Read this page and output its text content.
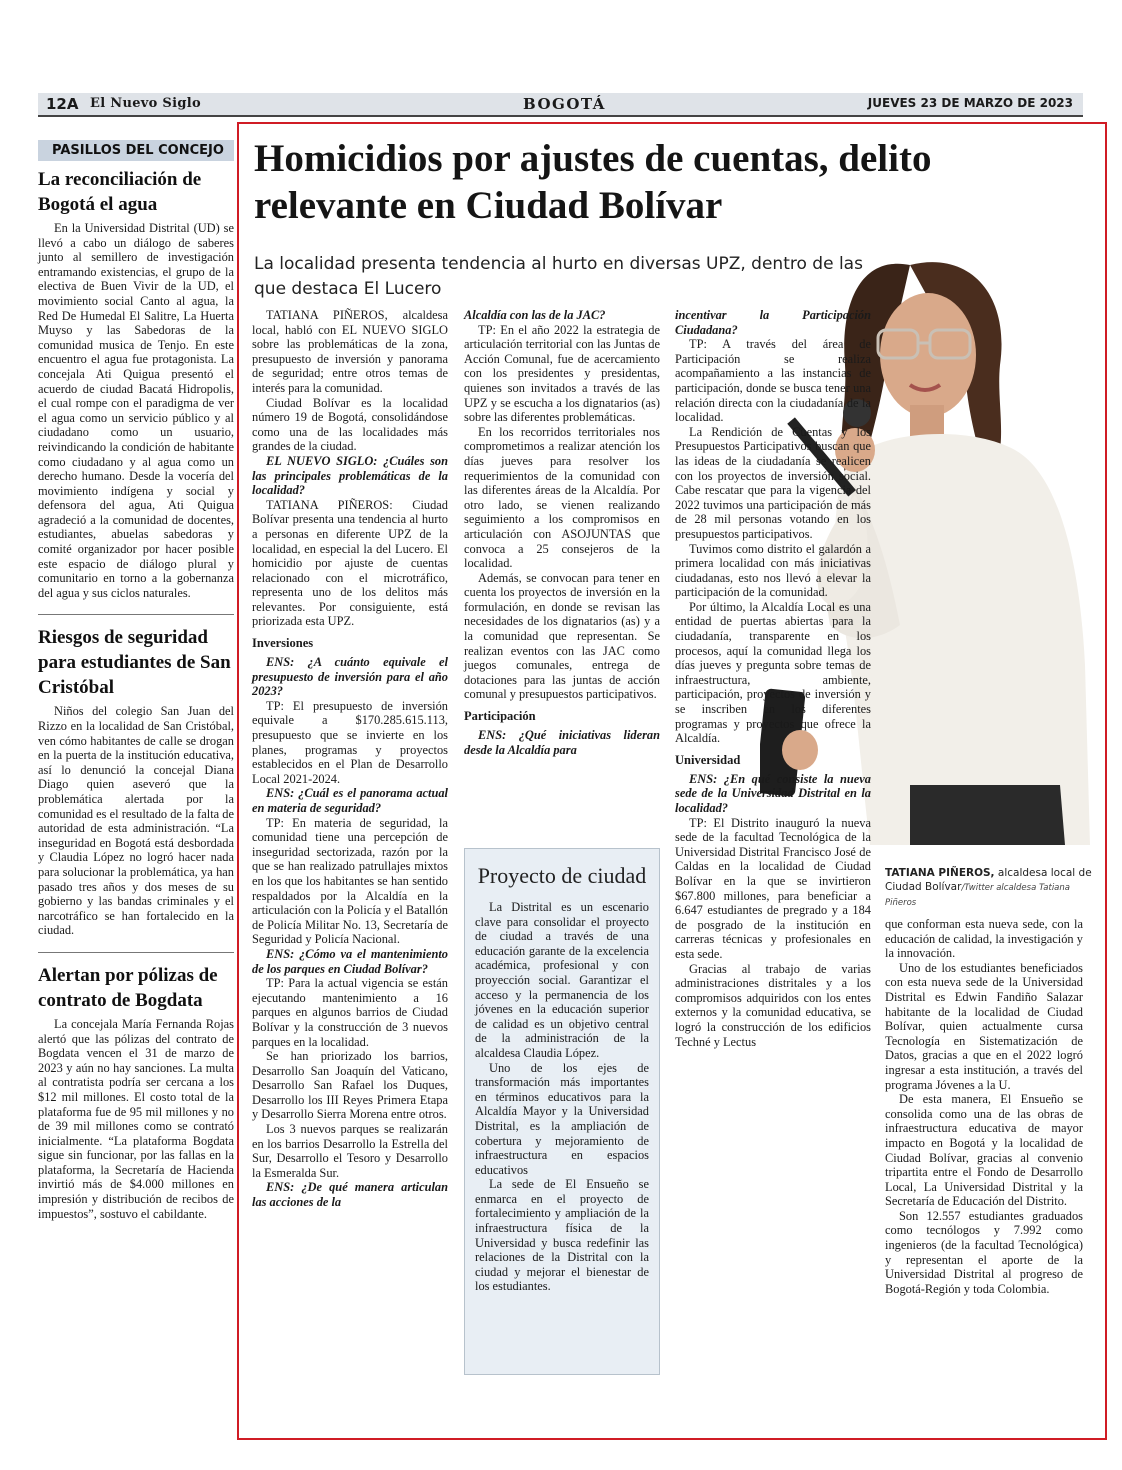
12A El Nuevo Siglo	BOGOTÁ	JUEVES 23 DE MARZO DE 2023
PASILLOS DEL CONCEJO
La reconciliación de Bogotá el agua

En la Universidad Distrital (UD) se llevó a cabo un diálogo de saberes junto al semillero de investigación entramando existencias, el grupo de la electiva de Buen Vivir de la UD, el movimiento social Canto al agua, la Red De Humedal El Salitre, La Huerta Muyso y las Sabedoras de la comunidad musica de Tenjo. En este encuentro el agua fue protagonista. La concejala Ati Quigua presentó el acuerdo de ciudad Bacatá Hidropolis, el cual rompe con el paradigma de ver el agua como un servicio público y al ciudadano como un usuario, reivindicando la condición de habitante como ciudadano y al agua como un derecho humano. Desde la vocería del movimiento indígena y social y defensora del agua, Ati Quigua agradeció a la comunidad de docentes, estudiantes, abuelas sabedoras y comité organizador por hacer posible este espacio de diálogo plural y comunitario en torno a la gobernanza del agua y sus ciclos naturales.

Riesgos de seguridad para estudiantes de San Cristóbal

Niños del colegio San Juan del Rizzo en la localidad de San Cristóbal, ven cómo habitantes de calle se drogan en la puerta de la institución educativa, así lo denunció la concejal Diana Diago quien aseveró que la problemática alertada por la comunidad es el resultado de la falta de autoridad de esta administración. “La inseguridad en Bogotá está desbordada y Claudia López no logró hacer nada para solucionar la problemática, ya han pasado tres años y dos meses de su gobierno y las bandas criminales y el narcotráfico se han fortalecido en la ciudad.

Alertan por pólizas de contrato de Bogdata

La concejala María Fernanda Rojas alertó que las pólizas del contrato de Bogdata vencen el 31 de marzo de 2023 y aún no hay sanciones. La multa al contratista podría ser cercana a los $12 mil millones. El costo total de la plataforma fue de 95 mil millones y no de 39 mil millones como se contrató inicialmente. “La plataforma Bogdata sigue sin funcionar, por las fallas en la plataforma, la Secretaría de Hacienda invirtió más de $4.000 millones en impresión y distribución de recibos de impuestos”, sostuvo el cabildante.

Homicidios por ajustes de cuentas, delito relevante en Ciudad Bolívar
La localidad presenta tendencia al hurto en diversas UPZ, dentro de las que destaca El Lucero

TATIANA PIÑEROS, alcaldesa local, habló con EL NUEVO SIGLO sobre las problemáticas de la zona, presupuesto de inversión y panorama de seguridad; entre otros temas de interés para la comunidad.

Ciudad Bolívar es la localidad número 19 de Bogotá, consolidándose como una de las localidades más grandes de la ciudad.

EL NUEVO SIGLO: ¿Cuáles son las principales problemáticas de la localidad?

TATIANA PIÑEROS: Ciudad Bolívar presenta una tendencia al hurto a personas en diferente UPZ de la localidad, en especial la del Lucero. El homicidio por ajuste de cuentas relacionado con el microtráfico, representa uno de los delitos más relevantes. Por consiguiente, está priorizada esta UPZ.

Inversiones

ENS: ¿A cuánto equivale el presupuesto de inversión para el año 2023?

TP: El presupuesto de inversión equivale a $170.285.615.113, presupuesto que se invierte en los planes, programas y proyectos establecidos en el Plan de Desarrollo Local 2021-2024.

ENS: ¿Cuál es el panorama actual en materia de seguridad?

TP: En materia de seguridad, la comunidad tiene una percepción de inseguridad sectorizada, razón por la que se han realizado patrullajes mixtos en los que los habitantes se han sentido respaldados por la Alcaldía en la articulación con la Policía y el Batallón de Policía Militar No. 13, Secretaría de Seguridad y Policía Nacional.

ENS: ¿Cómo va el mantenimiento de los parques en Ciudad Bolívar?

TP: Para la actual vigencia se están ejecutando mantenimiento a 16 parques en algunos barrios de Ciudad Bolívar y la construcción de 3 nuevos parques en la localidad.

Se han priorizado los barrios, Desarrollo San Joaquín del Vaticano, Desarrollo San Rafael los Duques, Desarrollo los III Reyes Primera Etapa y Desarrollo Sierra Morena entre otros.

Los 3 nuevos parques se realizarán en los barrios Desarrollo la Estrella del Sur, Desarrollo el Tesoro y Desarrollo la Esmeralda Sur.

ENS: ¿De qué manera articulan las acciones de la

Alcaldía con las de la JAC?

TP: En el año 2022 la estrategia de articulación territorial con las Juntas de Acción Comunal, fue de acercamiento con los presidentes y presidentas, quienes son invitados a través de las UPZ y se escucha a los dignatarios (as) sobre las diferentes problemáticas.

En los recorridos territoriales nos comprometimos a realizar atención los días jueves para resolver los requerimientos de la comunidad con las diferentes áreas de la Alcaldía. Por otro lado, se vienen realizando seguimiento a los compromisos en articulación con ASOJUNTAS que convoca a 25 consejeros de la localidad.

Además, se convocan para tener en cuenta los proyectos de inversión en la formulación, en donde se revisan las necesidades de los dignatarios (as) y a la comunidad que representan. Se realizan eventos con las JAC como juegos comunales, entrega de dotaciones para las juntas de acción comunal y presupuestos participativos.

Participación

ENS: ¿Qué iniciativas lideran desde la Alcaldía para

incentivar la Participación Ciudadana?

TP: A través del área de Participación se realiza acompañamiento a las instancias de participación, donde se busca tener una relación directa con la ciudadanía de la localidad.

La Rendición de Cuentas y los Presupuestos Participativos buscan que las ideas de la ciudadanía se realicen con los proyectos de inversión social. Cabe rescatar que para la vigencia del 2022 tuvimos una participación de más de 28 mil personas votando en los presupuestos participativos.

Tuvimos como distrito el galardón a primera localidad con más iniciativas ciudadanas, esto nos llevó a elevar la participación de la comunidad.

Por último, la Alcaldía Local es una entidad de puertas abiertas para la ciudadanía, transparente en los procesos, aquí la comunidad llega los días jueves y pregunta sobre temas de infraestructura, ambiente, participación, proyectos de inversión y se inscriben en los diferentes programas y proyectos que ofrece la Alcaldía.

Universidad

ENS: ¿En qué consiste la nueva sede de la Universidad Distrital en la localidad?

TP: El Distrito inauguró la nueva sede de la facultad Tecnológica de la Universidad Distrital Francisco José de Caldas en la localidad de Ciudad Bolívar en la que se invirtieron $67.800 millones, para beneficiar a 6.647 estudiantes de pregrado y a 184 de posgrado de la institución en carreras técnicas y profesionales en esta sede.

Gracias al trabajo de varias administraciones distritales y a los compromisos adquiridos con los entes externos y la comunidad educativa, se logró la construcción de los edificios Techné y Lectus

que conforman esta nueva sede, con la educación de calidad, la investigación y la innovación.

Uno de los estudiantes beneficiados con esta nueva sede de la Universidad Distrital es Edwin Fandiño Salazar habitante de la localidad de Ciudad Bolívar, quien actualmente cursa Tecnología en Sistematización de Datos, gracias a que en el 2022 logró ingresar a esta institución, a través del programa Jóvenes a la U.

De esta manera, El Ensueño se consolida como una de las obras de infraestructura educativa de mayor impacto en Bogotá y la localidad de Ciudad Bolívar, gracias al convenio tripartita entre el Fondo de Desarrollo Local, La Universidad Distrital y la Secretaría de Educación del Distrito.

Son 12.557 estudiantes graduados como tecnólogos y 7.992 como ingenieros (de la facultad Tecnológica) y representan el aporte de la Universidad Distrital al progreso de Bogotá-Región y toda Colombia.

Proyecto de ciudad

La Distrital es un escenario clave para consolidar el proyecto de ciudad a través de una educación garante de la excelencia académica, profesional y con proyección social. Garantizar el acceso y la permanencia de los jóvenes en la educación superior de calidad es un objetivo central de la administración de la alcaldesa Claudia López.

Uno de los ejes de transformación más importantes en términos educativos para la Alcaldía Mayor y la Universidad Distrital, es la ampliación de cobertura y mejoramiento de infraestructura en espacios educativos

La sede de El Ensueño se enmarca en el proyecto de fortalecimiento y ampliación de la infraestructura física de la Universidad y busca redefinir las relaciones de la Distrital con la ciudad y mejorar el bienestar de los estudiantes.

TATIANA PIÑEROS, alcaldesa local de Ciudad Bolívar/Twitter alcaldesa Tatiana Piñeros
